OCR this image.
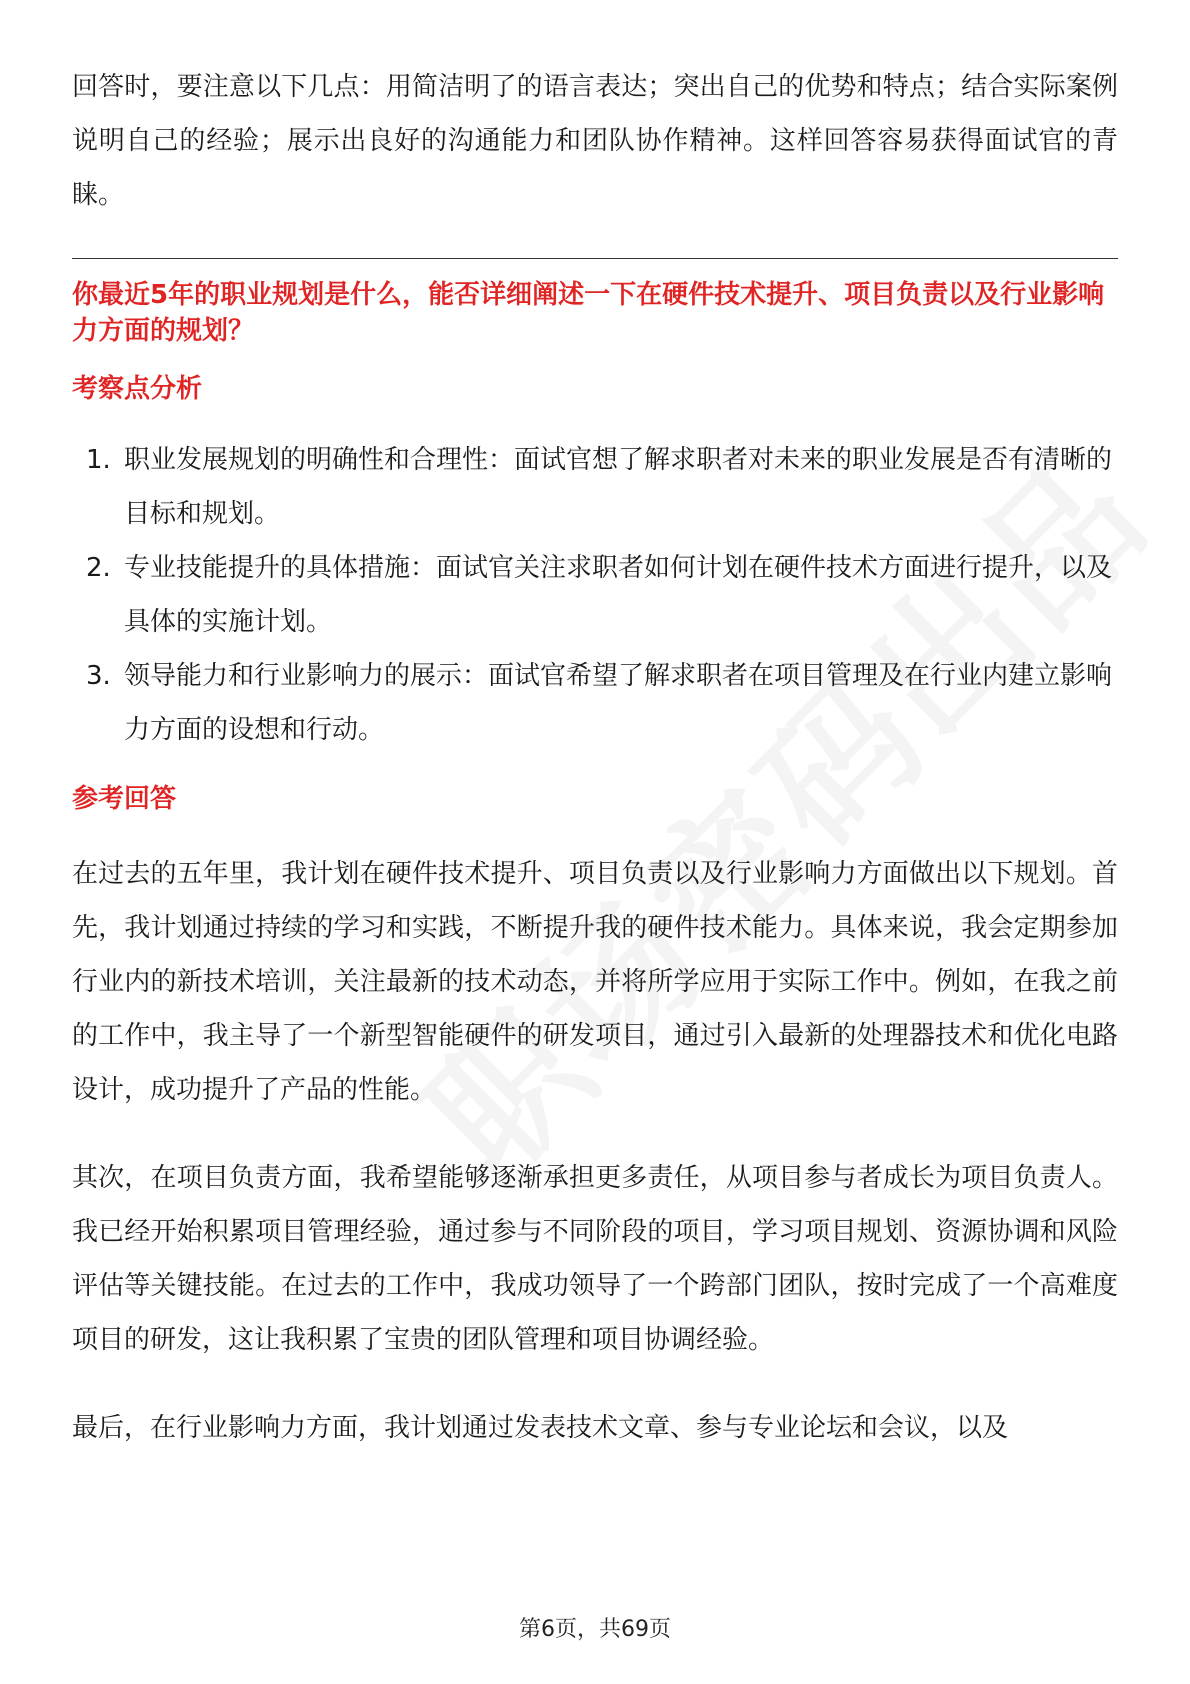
回答时，要注意以下几点：用简洁明了的语言表达；突出自己的优势和特点；结合实际案例说明自己的经验；展示出良好的沟通能力和团队协作精神。这样回答容易获得面试官的青睐。

你最近5年的职业规划是什么，能否详细阐述一下在硬件技术提升、项目负责以及行业影响力方面的规划？
考察点分析
1. 职业发展规划的明确性和合理性：面试官想了解求职者对未来的职业发展是否有清晰的目标和规划。
2. 专业技能提升的具体措施：面试官关注求职者如何计划在硬件技术方面进行提升，以及具体的实施计划。
3. 领导能力和行业影响力的展示：面试官希望了解求职者在项目管理及在行业内建立影响力方面的设想和行动。
参考回答

在过去的五年里，我计划在硬件技术提升、项目负责以及行业影响力方面做出以下规划。首先，我计划通过持续的学习和实践，不断提升我的硬件技术能力。具体来说，我会定期参加行业内的新技术培训，关注最新的技术动态，并将所学应用于实际工作中。例如，在我之前的工作中，我主导了一个新型智能硬件的研发项目，通过引入最新的处理器技术和优化电路设计，成功提升了产品的性能。

其次，在项目负责方面，我希望能够逐渐承担更多责任，从项目参与者成长为项目负责人。我已经开始积累项目管理经验，通过参与不同阶段的项目，学习项目规划、资源协调和风险评估等关键技能。在过去的工作中，我成功领导了一个跨部门团队，按时完成了一个高难度项目的研发，这让我积累了宝贵的团队管理和项目协调经验。

最后，在行业影响力方面，我计划通过发表技术文章、参与专业论坛和会议，以及

第6页，共69页
